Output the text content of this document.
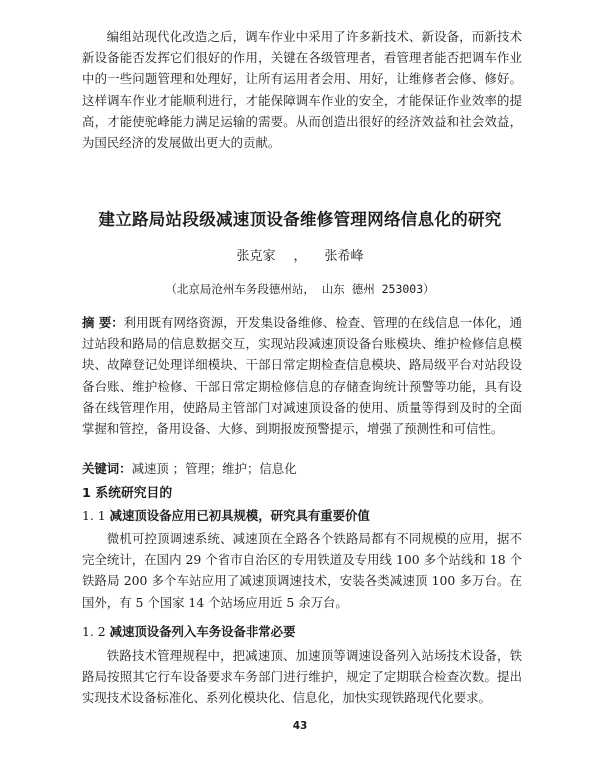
编组站现代化改造之后，调车作业中采用了许多新技术、新设备，而新技术新设备能否发挥它们很好的作用，关键在各级管理者，看管理者能否把调车作业中的一些问题管理和处理好，让所有运用者会用、用好，让维修者会修、修好。这样调车作业才能顺利进行，才能保障调车作业的安全，才能保证作业效率的提高，才能使驼峰能力满足运输的需要。从而创造出很好的经济效益和社会效益，为国民经济的发展做出更大的贡献。

建立路局站段级减速顶设备维修管理网络信息化的研究

张克家 ， 张希峰

（北京局沧州车务段德州站， 山东 德州 253003）

摘 要：利用既有网络资源，开发集设备维修、检查、管理的在线信息一体化，通过站段和路局的信息数据交互，实现站段减速顶设备台账模块、维护检修信息模块、故障登记处理详细模块、干部日常定期检查信息模块、路局级平台对站段设备台账、维护检修、干部日常定期检修信息的存储查询统计预警等功能，具有设备在线管理作用，使路局主管部门对减速顶设备的使用、质量等得到及时的全面掌握和管控，备用设备、大修、到期报废预警提示，增强了预测性和可信性。

关键词：减速顶 ；管理；维护；信息化

1 系统研究目的

1. 1 减速顶设备应用已初具规模，研究具有重要价值

微机可控顶调速系统、减速顶在全路各个铁路局都有不同规模的应用，据不完全统计，在国内 29 个省市自治区的专用铁道及专用线 100 多个站线和 18 个铁路局 200 多个车站应用了减速顶调速技术，安装各类减速顶 100 多万台。在国外，有 5 个国家 14 个站场应用近 5 余万台。

1. 2 减速顶设备列入车务设备非常必要

铁路技术管理规程中，把减速顶、加速顶等调速设备列入站场技术设备，铁路局按照其它行车设备要求车务部门进行维护，规定了定期联合检查次数。提出实现技术设备标准化、系列化模块化、信息化，加快实现铁路现代化要求。

43
